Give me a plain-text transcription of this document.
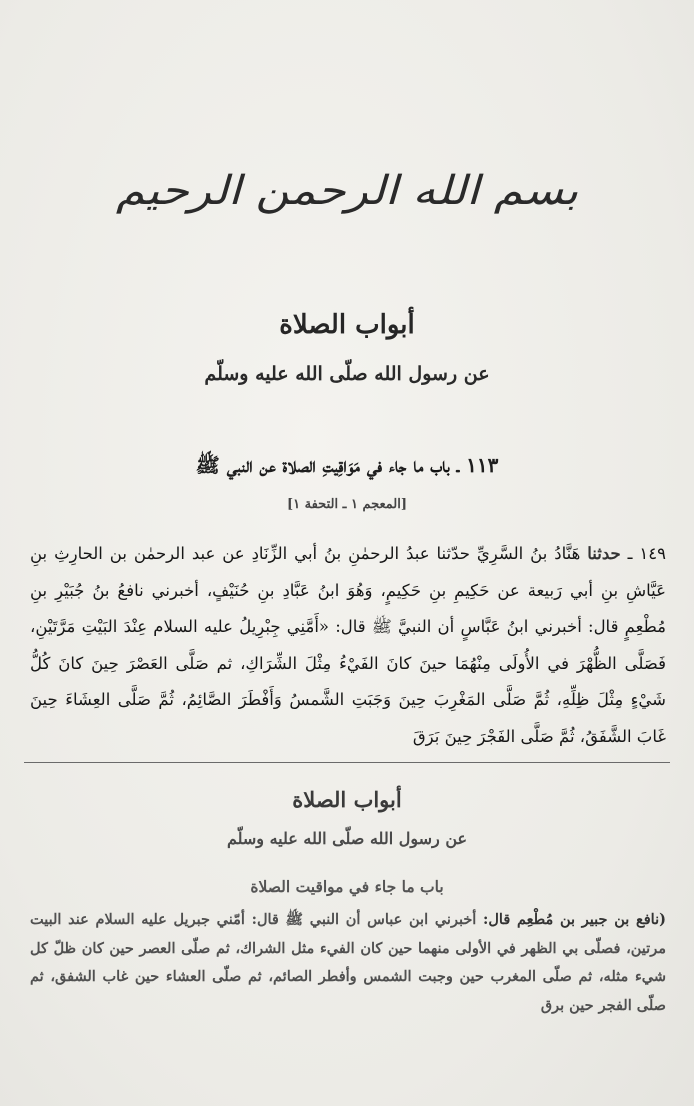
بسم الله الرحمن الرحيم
أبواب الصلاة
عن رسول الله صلّى الله عليه وسلّم
١١٣ ـ باب ما جاء في مَوَاقِيتِ الصلاة عن النبي ﷺ
[المعجم ١ ـ التحفة ١]
١٤٩ ـ حدثنا هَنَّادُ بنُ السَّرِيِّ حدّثنا عبدُ الرحمٰنِ بنُ أبي الزِّنَادِ عن عبد الرحمٰن بن الحارِثِ بنِ عَيَّاشِ بنِ أبي رَبيعة عن حَكِيمِ بنِ حَكِيمٍ، وَهُوَ ابنُ عَبَّادِ بنِ حُنَيْفٍ، أخبرني نافعُ بنُ جُبَيْرِ بنِ مُطْعِمٍ قال: أخبرني ابنُ عَبَّاسٍ أن النبيَّ ﷺ قال: «أَمَّنِي جِبْرِيلُ عليه السلام عِنْدَ البَيْتِ مَرَّتَيْنِ، فَصَلَّى الظُّهْرَ في الأُولَى مِنْهُمَا حينَ كانَ الفَيْءُ مِثْلَ الشِّرَاكِ، ثم صَلَّى العَصْرَ حِينَ كانَ كُلُّ شَيْءٍ مِثْلَ ظِلِّهِ، ثُمَّ صَلَّى المَغْرِبَ حِينَ وَجَبَتِ الشَّمسُ وَأَفْطَرَ الصَّائِمُ، ثُمَّ صَلَّى العِشَاءَ حِينَ غَابَ الشَّفَقُ، ثُمَّ صَلَّى الفَجْرَ حِينَ بَرَقَ
أبواب الصلاة
عن رسول الله صلّى الله عليه وسلّم
باب ما جاء في مواقيت الصلاة
(نافع بن جبير بن مُطْعِم قال: أخبرني ابن عباس أن النبي ﷺ قال: أمّني جبريل عليه السلام عند البيت مرتين، فصلّى بي الظهر في الأولى منهما حين كان الفيء مثل الشراك، ثم صلّى العصر حين كان ظلّ كل شيء مثله، ثم صلّى المغرب حين وجبت الشمس وأفطر الصائم، ثم صلّى العشاء حين غاب الشفق، ثم صلّى الفجر حين برق
